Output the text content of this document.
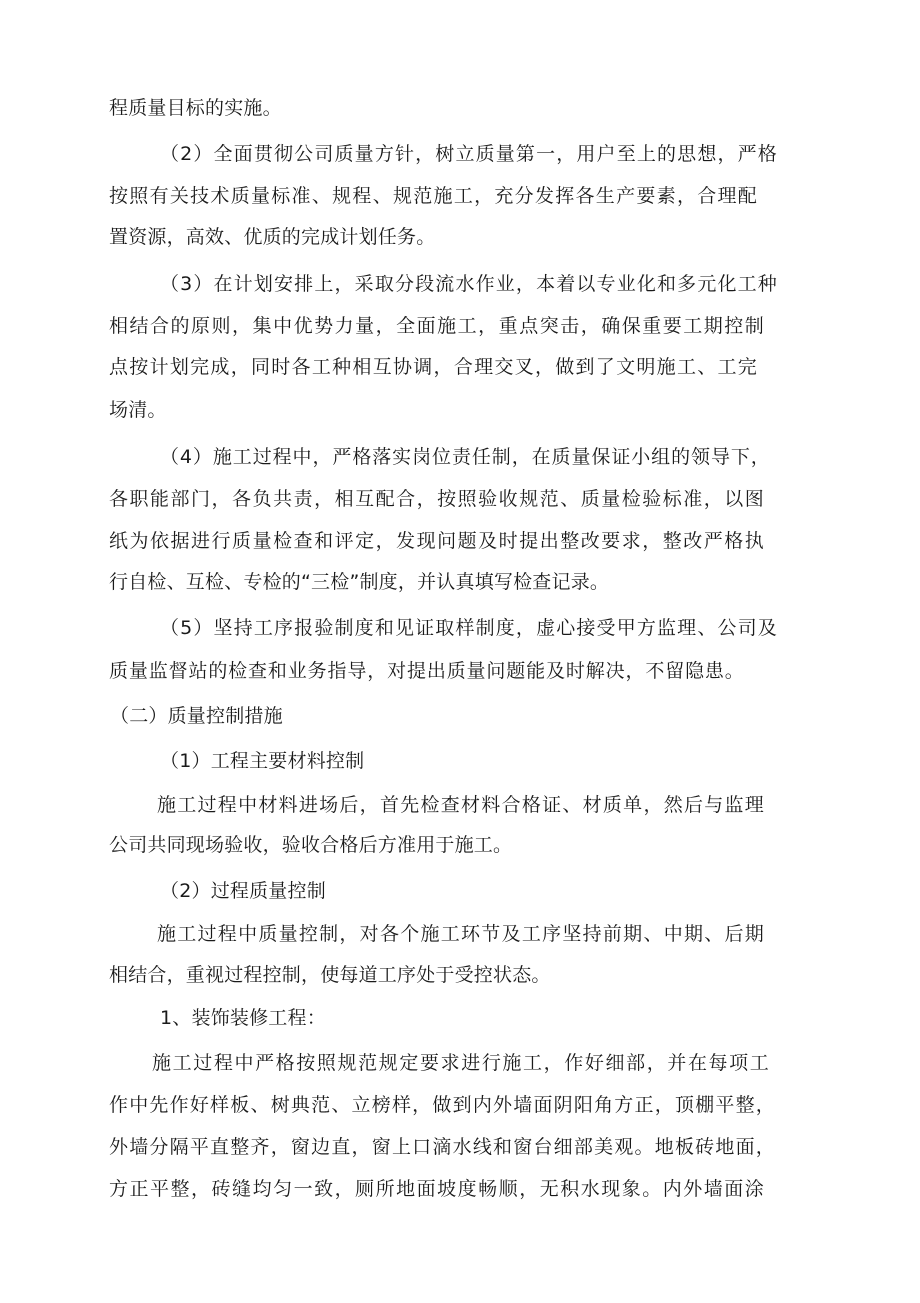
程质量目标的实施。
（2）全面贯彻公司质量方针，树立质量第一，用户至上的思想，严格
按照有关技术质量标准、规程、规范施工，充分发挥各生产要素，合理配
置资源，高效、优质的完成计划任务。
（3）在计划安排上，采取分段流水作业，本着以专业化和多元化工种
相结合的原则，集中优势力量，全面施工，重点突击，确保重要工期控制
点按计划完成，同时各工种相互协调，合理交叉，做到了文明施工、工完
场清。
（4）施工过程中，严格落实岗位责任制，在质量保证小组的领导下，
各职能部门，各负共责，相互配合，按照验收规范、质量检验标准，以图
纸为依据进行质量检查和评定，发现问题及时提出整改要求，整改严格执
行自检、互检、专检的“三检”制度，并认真填写检查记录。
（5）坚持工序报验制度和见证取样制度，虚心接受甲方监理、公司及
质量监督站的检查和业务指导，对提出质量问题能及时解决，不留隐患。
（二）质量控制措施
（1）工程主要材料控制
施工过程中材料进场后，首先检查材料合格证、材质单，然后与监理
公司共同现场验收，验收合格后方准用于施工。
（2）过程质量控制
施工过程中质量控制，对各个施工环节及工序坚持前期、中期、后期
相结合，重视过程控制，使每道工序处于受控状态。
1、装饰装修工程：
施工过程中严格按照规范规定要求进行施工，作好细部，并在每项工
作中先作好样板、树典范、立榜样，做到内外墙面阴阳角方正，顶棚平整，
外墙分隔平直整齐，窗边直，窗上口滴水线和窗台细部美观。地板砖地面，
方正平整，砖缝均匀一致，厕所地面坡度畅顺，无积水现象。内外墙面涂
